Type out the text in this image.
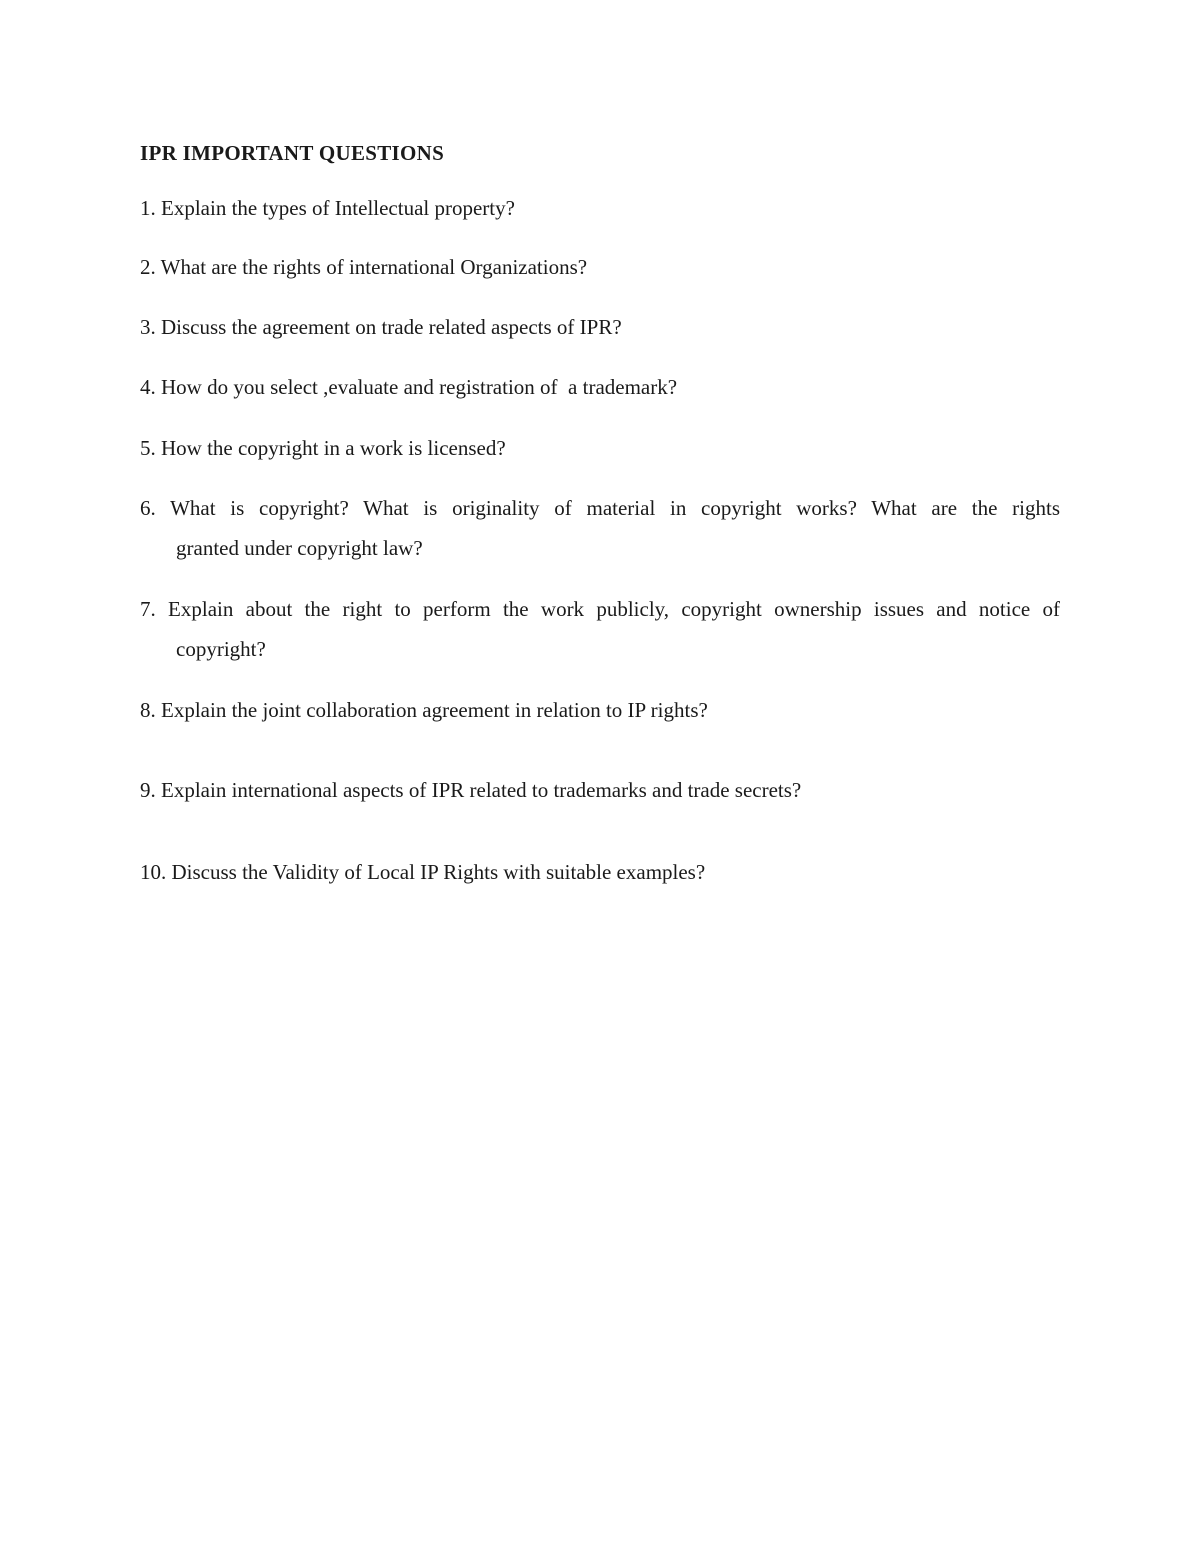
IPR IMPORTANT QUESTIONS
1. Explain the types of Intellectual property?
2. What are the rights of international Organizations?
3. Discuss the agreement on trade related aspects of IPR?
4. How do you select ,evaluate and registration of  a trademark?
5. How the copyright in a work is licensed?
6. What is copyright? What is originality of material in copyright works? What are the rights
granted under copyright law?
7. Explain about the right to perform the work publicly, copyright ownership issues and notice of
copyright?
8. Explain the joint collaboration agreement in relation to IP rights?
9. Explain international aspects of IPR related to trademarks and trade secrets?
10. Discuss the Validity of Local IP Rights with suitable examples?
